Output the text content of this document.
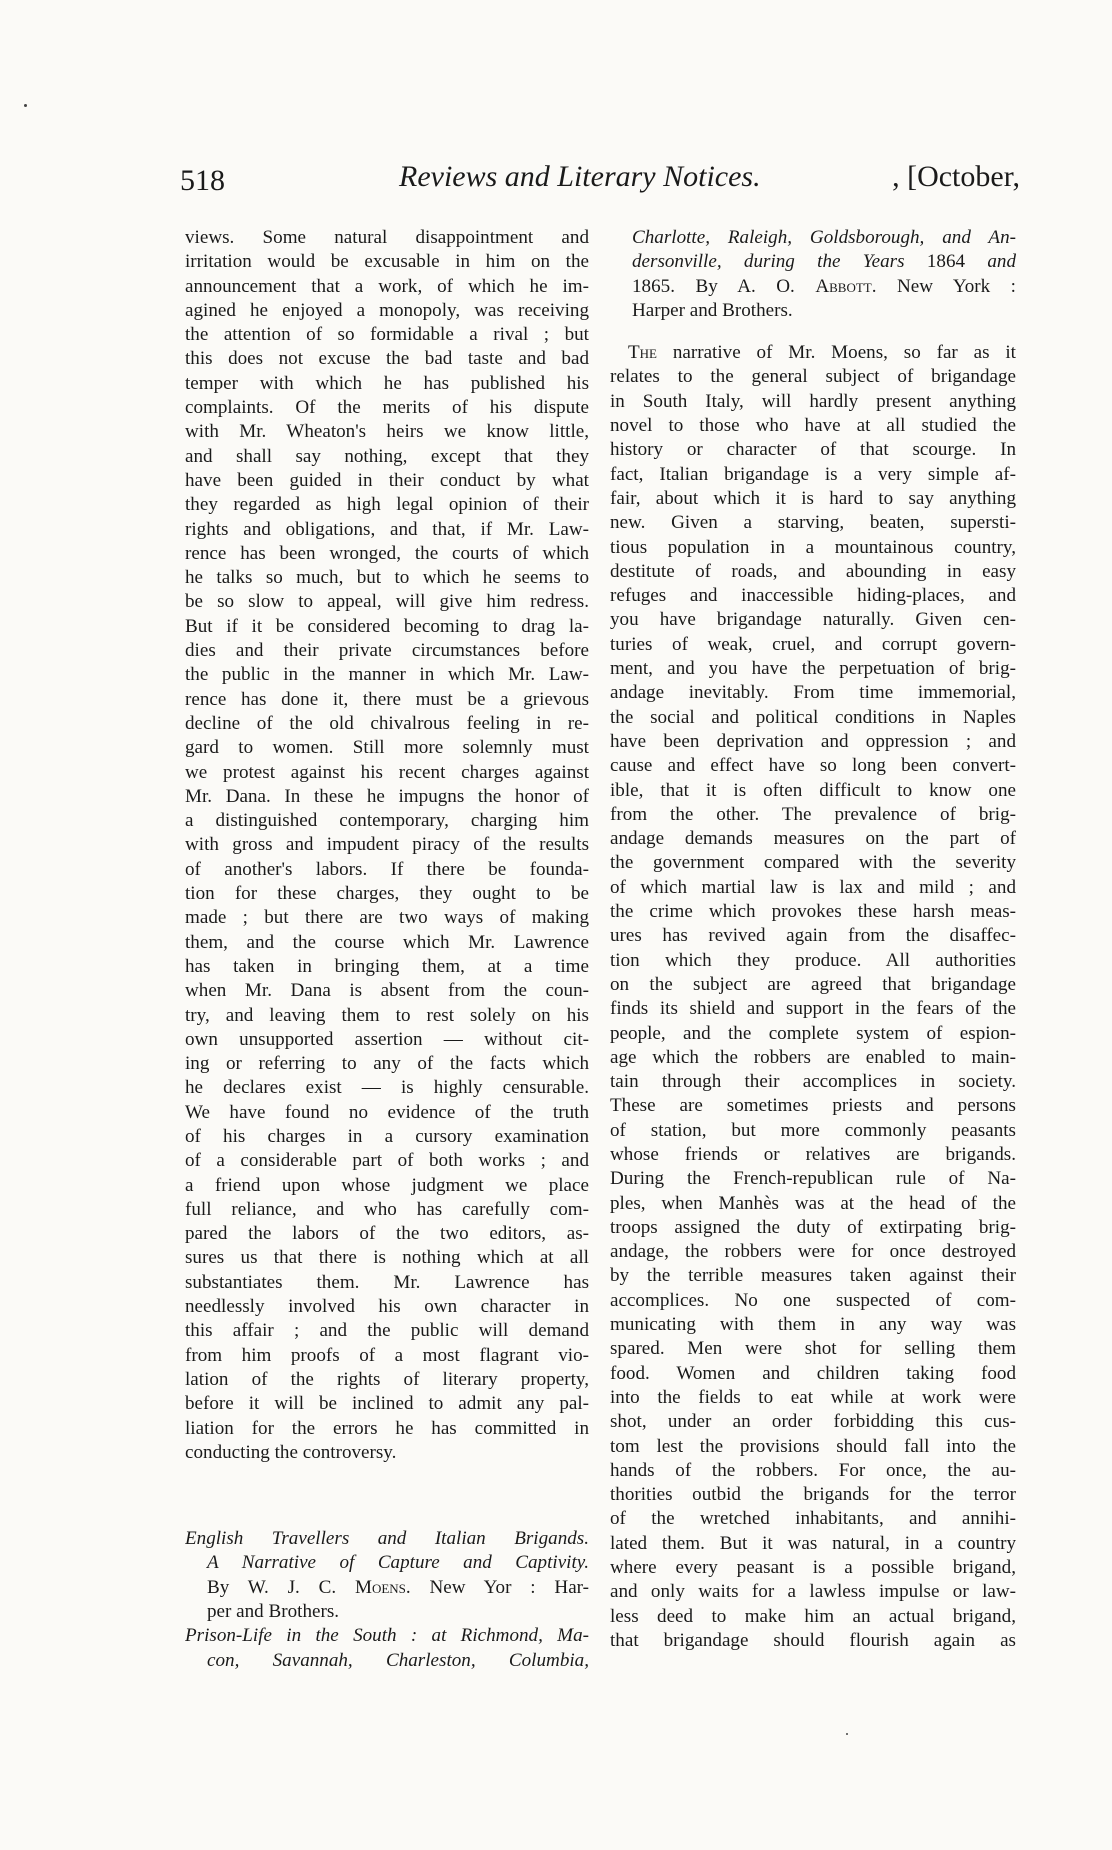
518	Reviews and Literary Notices.	, [October,
views. Some natural disappointment and
irritation would be excusable in him on the
announcement that a work, of which he im-
agined he enjoyed a monopoly, was receiving
the attention of so formidable a rival ; but
this does not excuse the bad taste and bad
temper with which he has published his
complaints. Of the merits of his dispute
with Mr. Wheaton's heirs we know little,
and shall say nothing, except that they
have been guided in their conduct by what
they regarded as high legal opinion of their
rights and obligations, and that, if Mr. Law-
rence has been wronged, the courts of which
he talks so much, but to which he seems to
be so slow to appeal, will give him redress.
But if it be considered becoming to drag la-
dies and their private circumstances before
the public in the manner in which Mr. Law-
rence has done it, there must be a grievous
decline of the old chivalrous feeling in re-
gard to women. Still more solemnly must
we protest against his recent charges against
Mr. Dana. In these he impugns the honor of
a distinguished contemporary, charging him
with gross and impudent piracy of the results
of another's labors. If there be founda-
tion for these charges, they ought to be
made ; but there are two ways of making
them, and the course which Mr. Lawrence
has taken in bringing them, at a time
when Mr. Dana is absent from the coun-
try, and leaving them to rest solely on his
own unsupported assertion — without cit-
ing or referring to any of the facts which
he declares exist — is highly censurable.
We have found no evidence of the truth
of his charges in a cursory examination
of a considerable part of both works ; and
a friend upon whose judgment we place
full reliance, and who has carefully com-
pared the labors of the two editors, as-
sures us that there is nothing which at all
substantiates them. Mr. Lawrence has
needlessly involved his own character in
this affair ; and the public will demand
from him proofs of a most flagrant vio-
lation of the rights of literary property,
before it will be inclined to admit any pal-
liation for the errors he has committed in
conducting the controversy.
English Travellers and Italian Brigands.
A Narrative of Capture and Captivity.
By W. J. C. Moens. New Yor : Har-
per and Brothers.
Prison-Life in the South : at Richmond, Ma-
con, Savannah, Charleston, Columbia,
Charlotte, Raleigh, Goldsborough, and An-
dersonville, during the Years 1864 and
1865. By A. O. Abbott. New York :
Harper and Brothers.
The narrative of Mr. Moens, so far as it
relates to the general subject of brigandage
in South Italy, will hardly present anything
novel to those who have at all studied the
history or character of that scourge. In
fact, Italian brigandage is a very simple af-
fair, about which it is hard to say anything
new. Given a starving, beaten, supersti-
tious population in a mountainous country,
destitute of roads, and abounding in easy
refuges and inaccessible hiding-places, and
you have brigandage naturally. Given cen-
turies of weak, cruel, and corrupt govern-
ment, and you have the perpetuation of brig-
andage inevitably. From time immemorial,
the social and political conditions in Naples
have been deprivation and oppression ; and
cause and effect have so long been convert-
ible, that it is often difficult to know one
from the other. The prevalence of brig-
andage demands measures on the part of
the government compared with the severity
of which martial law is lax and mild ; and
the crime which provokes these harsh meas-
ures has revived again from the disaffec-
tion which they produce. All authorities
on the subject are agreed that brigandage
finds its shield and support in the fears of the
people, and the complete system of espion-
age which the robbers are enabled to main-
tain through their accomplices in society.
These are sometimes priests and persons
of station, but more commonly peasants
whose friends or relatives are brigands.
During the French-republican rule of Na-
ples, when Manhès was at the head of the
troops assigned the duty of extirpating brig-
andage, the robbers were for once destroyed
by the terrible measures taken against their
accomplices. No one suspected of com-
municating with them in any way was
spared. Men were shot for selling them
food. Women and children taking food
into the fields to eat while at work were
shot, under an order forbidding this cus-
tom lest the provisions should fall into the
hands of the robbers. For once, the au-
thorities outbid the brigands for the terror
of the wretched inhabitants, and annihi-
lated them. But it was natural, in a country
where every peasant is a possible brigand,
and only waits for a lawless impulse or law-
less deed to make him an actual brigand,
that brigandage should flourish again as
